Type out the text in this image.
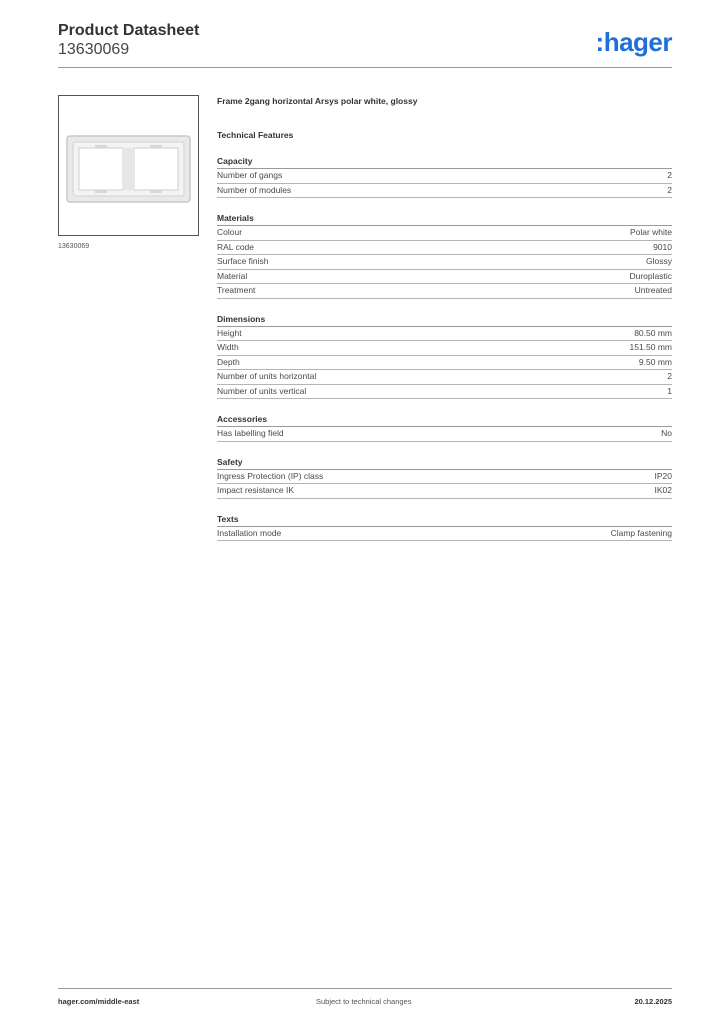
Product Datasheet
13630069	:hager
13630069
Frame 2gang horizontal Arsys polar white, glossy
Technical Features
Capacity
Number of gangs	2
Number of modules	2
Materials
Colour	Polar white
RAL code	9010
Surface finish	Glossy
Material	Duroplastic
Treatment	Untreated
Dimensions
Height	80.50 mm
Width	151.50 mm
Depth	9.50 mm
Number of units horizontal	2
Number of units vertical	1
Accessories
Has labelling field	No
Safety
Ingress Protection (IP) class	IP20
Impact resistance IK	IK02
Texts
Installation mode	Clamp fastening
hager.com/middle-east	Subject to technical changes	20.12.2025
